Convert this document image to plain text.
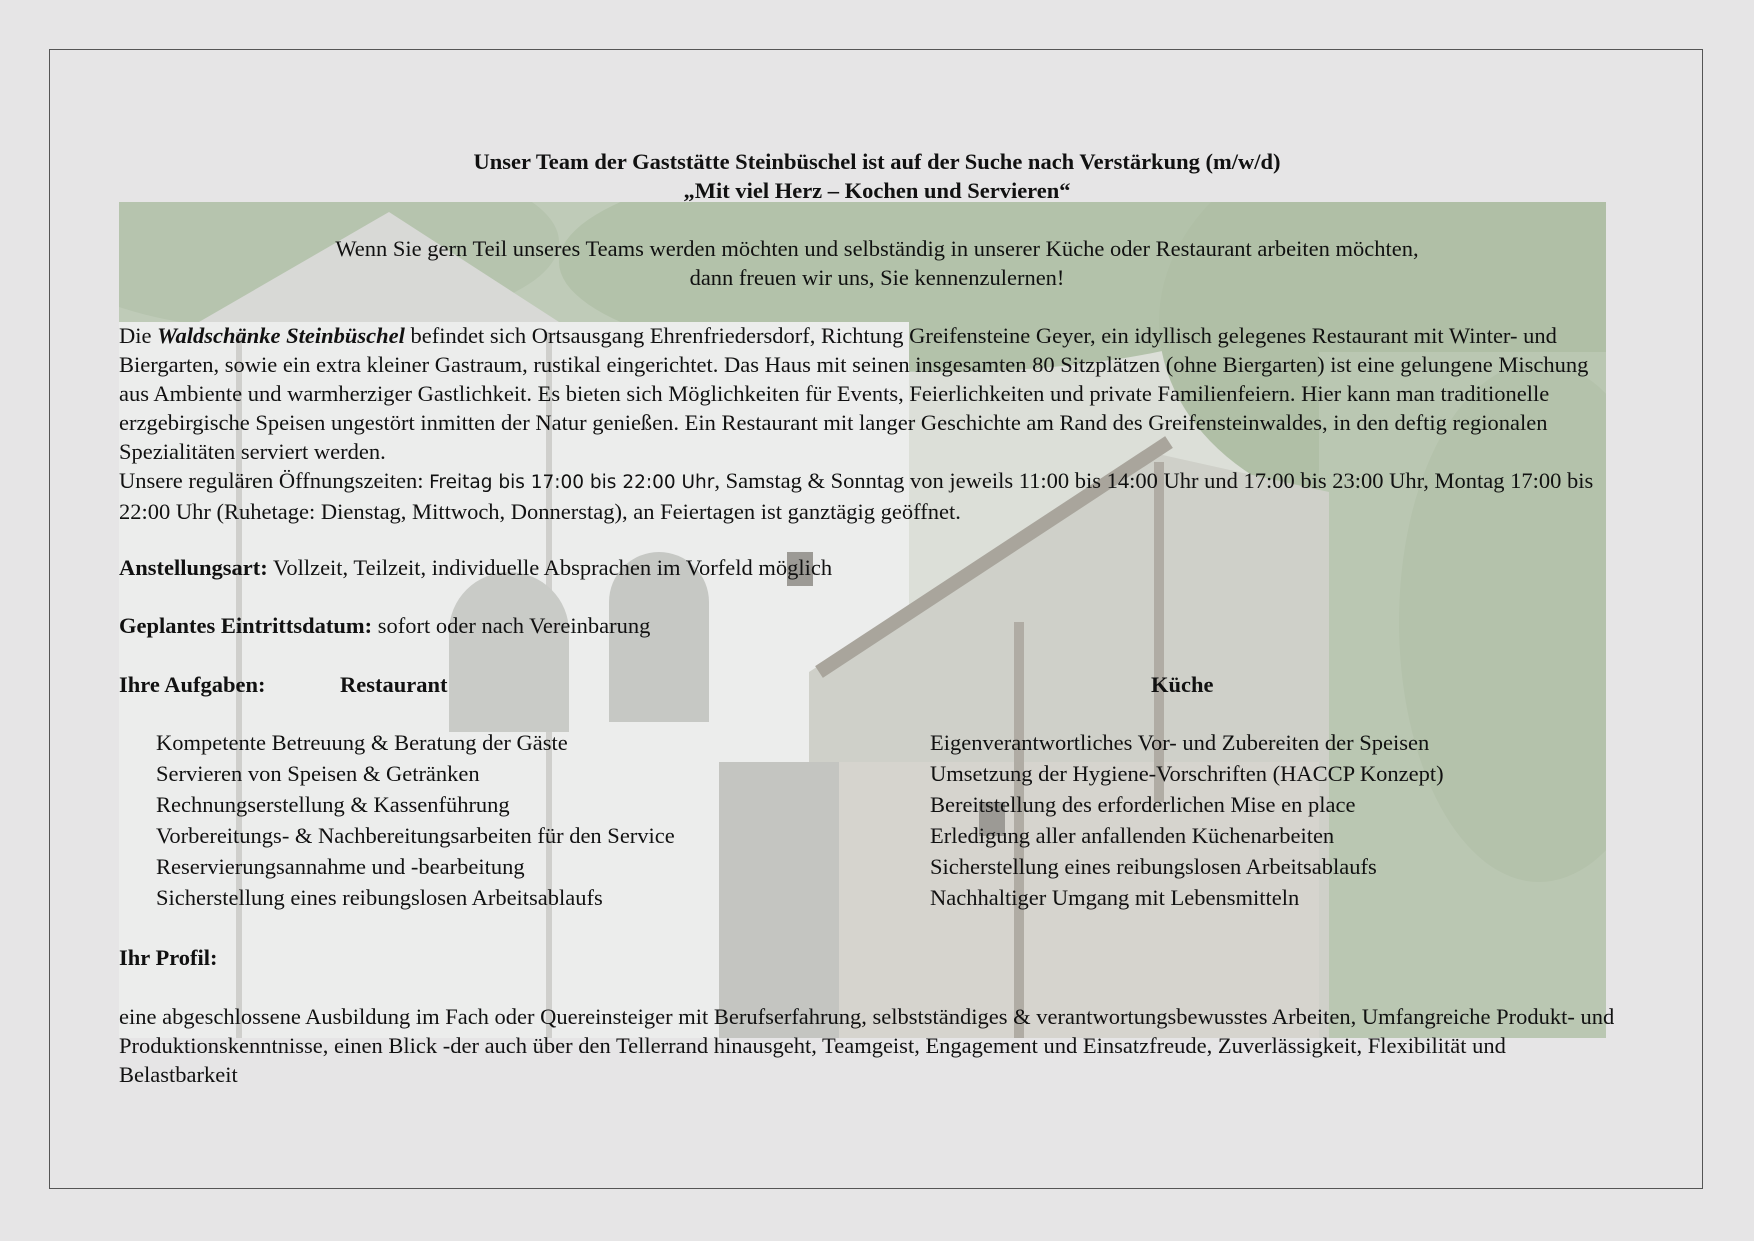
Unser Team der Gaststätte Steinbüschel ist auf der Suche nach Verstärkung (m/w/d)

„Mit viel Herz – Kochen und Servieren“

Wenn Sie gern Teil unseres Teams werden möchten und selbständig in unserer Küche oder Restaurant arbeiten möchten,

dann freuen wir uns, Sie kennenzulernen!

Die Waldschänke Steinbüschel befindet sich Ortsausgang Ehrenfriedersdorf, Richtung Greifensteine Geyer, ein idyllisch gelegenes Restaurant mit Winter- und Biergarten, sowie ein extra kleiner Gastraum, rustikal eingerichtet. Das Haus mit seinen insgesamten 80 Sitzplätzen (ohne Biergarten) ist eine gelungene Mischung aus Ambiente und warmherziger Gastlichkeit. Es bieten sich Möglichkeiten für Events, Feierlichkeiten und private Familienfeiern. Hier kann man traditionelle erzgebirgische Speisen ungestört inmitten der Natur genießen. Ein Restaurant mit langer Geschichte am Rand des Greifensteinwaldes, in den deftig regionalen Spezialitäten serviert werden.
Unsere regulären Öffnungszeiten: Freitag bis 17:00 bis 22:00 Uhr, Samstag & Sonntag von jeweils 11:00 bis 14:00 Uhr und 17:00 bis 23:00 Uhr, Montag 17:00 bis 22:00 Uhr (Ruhetage: Dienstag, Mittwoch, Donnerstag), an Feiertagen ist ganztägig geöffnet.

Anstellungsart: Vollzeit, Teilzeit, individuelle Absprachen im Vorfeld möglich

Geplantes Eintrittsdatum: sofort oder nach Vereinbarung

Ihre Aufgaben:	Restaurant	Küche

Kompetente Betreuung & Beratung der Gäste
Servieren von Speisen & Getränken
Rechnungserstellung & Kassenführung
Vorbereitungs- & Nachbereitungsarbeiten für den Service
Reservierungsannahme und -bearbeitung
Sicherstellung eines reibungslosen Arbeitsablaufs
Eigenverantwortliches Vor- und Zubereiten der Speisen
Umsetzung der Hygiene-Vorschriften (HACCP Konzept)
Bereitstellung des erforderlichen Mise en place
Erledigung aller anfallenden Küchenarbeiten
Sicherstellung eines reibungslosen Arbeitsablaufs
Nachhaltiger Umgang mit Lebensmitteln

Ihr Profil:

eine abgeschlossene Ausbildung im Fach oder Quereinsteiger mit Berufserfahrung, selbstständiges & verantwortungsbewusstes Arbeiten, Umfangreiche Produkt- und Produktionskenntnisse, einen Blick -der auch über den Tellerrand hinausgeht, Teamgeist, Engagement und Einsatzfreude, Zuverlässigkeit, Flexibilität und Belastbarkeit
